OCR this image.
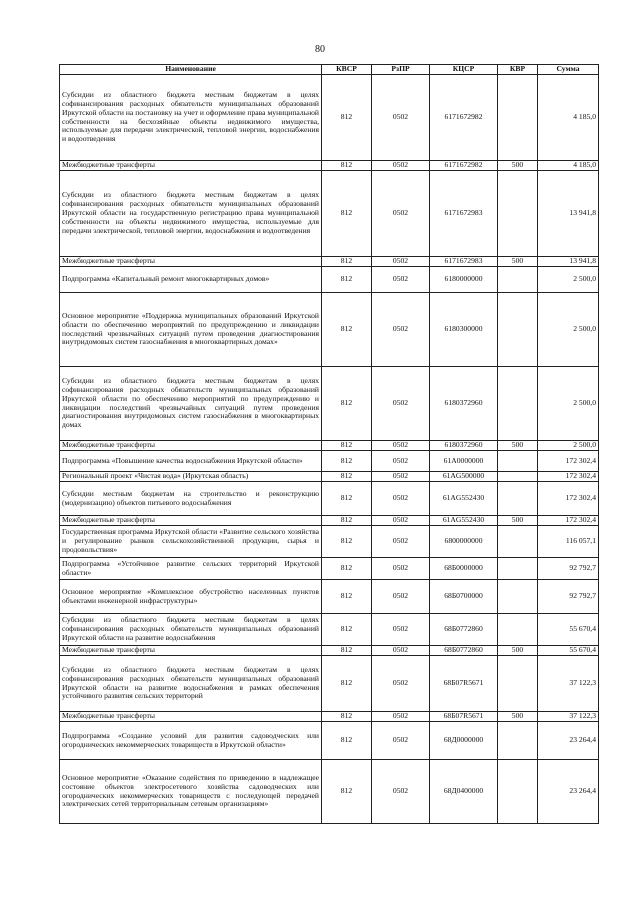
80
Наименование	КВСР	РзПР	КЦСР	КВР	Сумма
Субсидии из областного бюджета местным бюджетам в целях софинансирования расходных обязательств муниципальных образований Иркутской области на постановку на учет и оформление права муниципальной собственности на бесхозяйные объекты недвижимого имущества, используемые для передачи электрической, тепловой энергии, водоснабжения и водоотведения	812	0502	6171672982		4 185,0
Межбюджетные трансферты	812	0502	6171672982	500	4 185,0
Субсидии из областного бюджета местным бюджетам в целях софинансирования расходных обязательств муниципальных образований Иркутской области на государственную регистрацию права муниципальной собственности на объекты недвижимого имущества, используемые для передачи электрической, тепловой энергии, водоснабжения и водоотведения	812	0502	6171672983		13 941,8
Межбюджетные трансферты	812	0502	6171672983	500	13 941,8
Подпрограмма «Капитальный ремонт многоквартирных домов»	812	0502	6180000000		2 500,0
Основное мероприятие «Поддержка муниципальных образований Иркутской области по обеспечению мероприятий по предупреждению и ликвидации последствий чрезвычайных ситуаций путем проведения диагностирования внутридомовых систем газоснабжения в многоквартирных домах»	812	0502	6180300000		2 500,0
Субсидии из областного бюджета местным бюджетам в целях софинансирования расходных обязательств муниципальных образований Иркутской области по обеспечению мероприятий по предупреждению и ликвидации последствий чрезвычайных ситуаций путем проведения диагностирования внутридомовых систем газоснабжения в многоквартирных домах	812	0502	6180372960		2 500,0
Межбюджетные трансферты	812	0502	6180372960	500	2 500,0
Подпрограмма «Повышение качества водоснабжения Иркутской области»	812	0502	61А0000000		172 302,4
Региональный проект «Чистая вода» (Иркутская область)	812	0502	61АG500000		172 302,4
Субсидии местным бюджетам на строительство и реконструкцию (модернизацию) объектов питьевого водоснабжения	812	0502	61АG552430		172 302,4
Межбюджетные трансферты	812	0502	61АG552430	500	172 302,4
Государственная программа Иркутской области «Развитие сельского хозяйства и регулирование рынков сельскохозяйственной продукции, сырья и продовольствия»	812	0502	6800000000		116 057,1
Подпрограмма «Устойчивое развитие сельских территорий Иркутской области»	812	0502	68Б0000000		92 792,7
Основное мероприятие «Комплексное обустройство населенных пунктов объектами инженерной инфраструктуры»	812	0502	68Б0700000		92 792,7
Субсидии из областного бюджета местным бюджетам в целях софинансирования расходных обязательств муниципальных образований Иркутской области на развитие водоснабжения	812	0502	68Б0772860		55 670,4
Межбюджетные трансферты	812	0502	68Б0772860	500	55 670,4
Субсидии из областного бюджета местным бюджетам в целях софинансирования расходных обязательств муниципальных образований Иркутской области на развитие водоснабжения в рамках обеспечения устойчивого развития сельских территорий	812	0502	68Б07R5671		37 122,3
Межбюджетные трансферты	812	0502	68Б07R5671	500	37 122,3
Подпрограмма «Создание условий для развития садоводческих или огороднических некоммерческих товариществ в Иркутской области»	812	0502	68Д0000000		23 264,4
Основное мероприятие «Оказание содействия по приведению в надлежащее состояние объектов электросетевого хозяйства садоводческих или огороднических некоммерческих товариществ с последующей передачей электрических сетей территориальным сетевым организациям»	812	0502	68Д0400000		23 264,4
